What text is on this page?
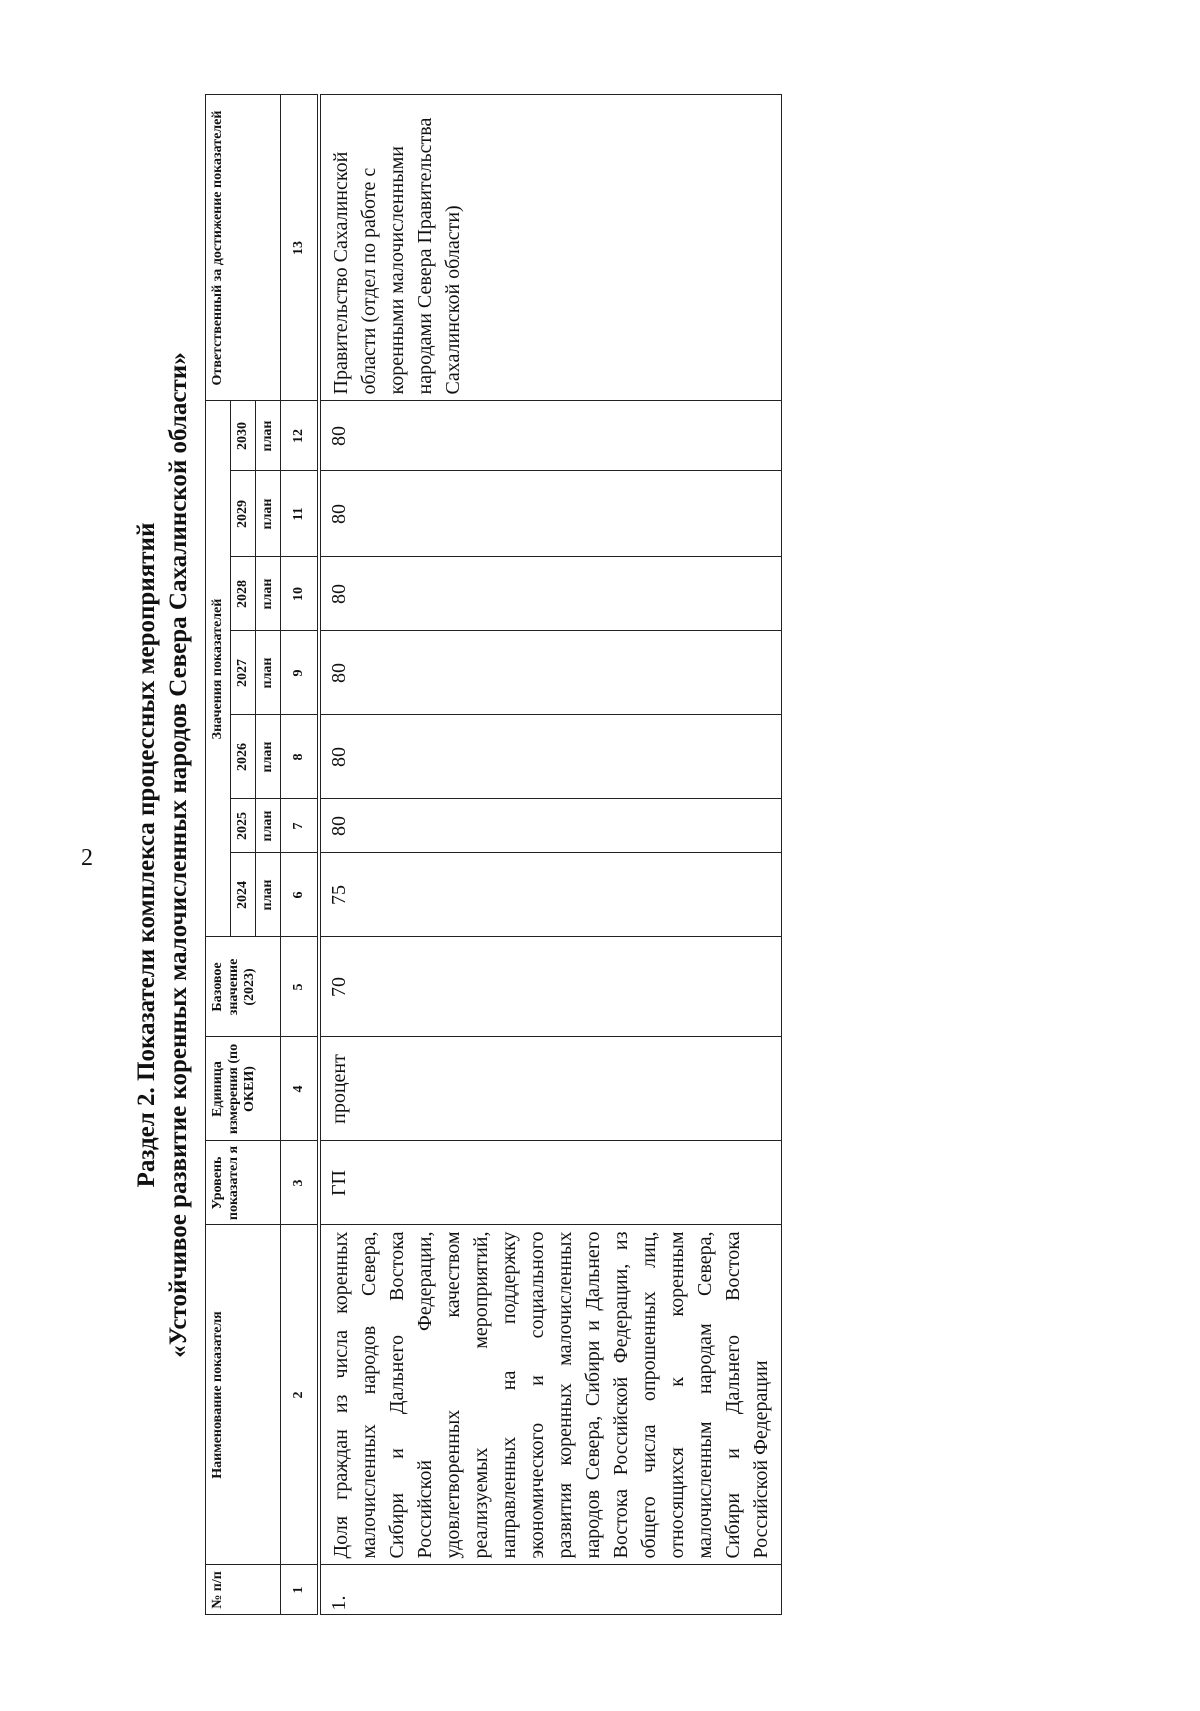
2	Раздел 2. Показатели комплекса процессных мероприятий «Устойчивое развитие коренных малочисленных народов Севера Сахалинской области»
№ п/п	Наименование показателя	Уровень показател я	Единица измерения (по ОКЕИ)	Базовое значение (2023)	Значения показателей							Ответственный за достижение показателей
					2024	2025	2026	2027	2028	2029	2030	
					план	план	план	план	план	план	план	
1	2	3	4	5	6	7	8	9	10	11	12	13
1.	Доля граждан из числа коренных малочисленных народов Севера, Сибири и Дальнего Востока Российской Федерации, удовлетворенных качеством реализуемых мероприятий, направленных на поддержку экономического и социального развития коренных малочисленных народов Севера, Сибири и Дальнего Востока Российской Федерации, из общего числа опрошенных лиц, относящихся к коренным малочисленным народам Севера, Сибири и Дальнего Востока Российской Федерации	ГП	процент	70	75	80	80	80	80	80	80	Правительство Сахалинской области (отдел по работе с коренными малочисленными народами Севера Правительства Сахалинской области)
